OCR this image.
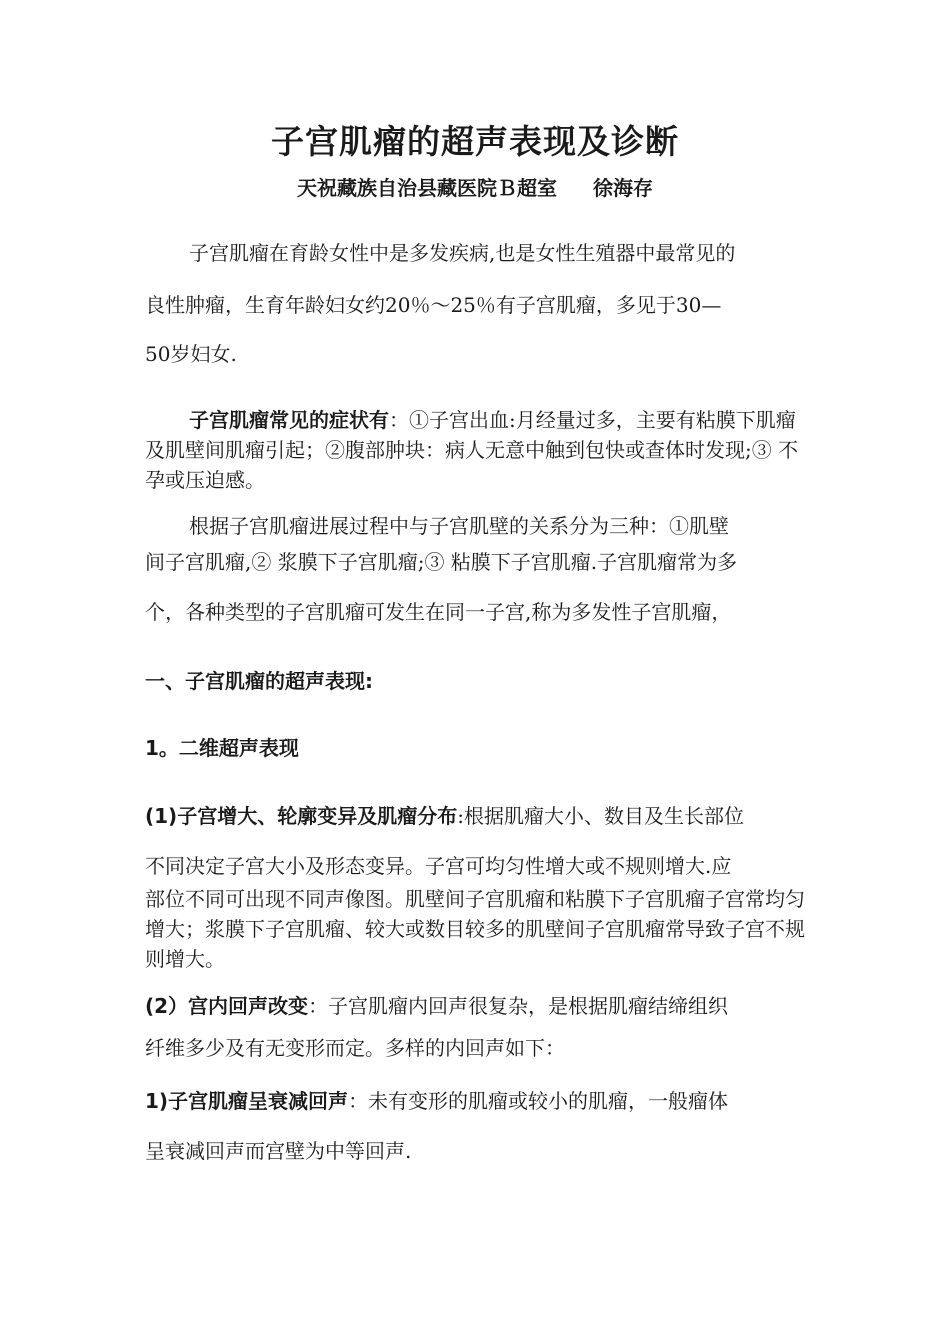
子宫肌瘤的超声表现及诊断

天祝藏族自治县藏医院Ｂ超室 徐海存

子宫肌瘤在育龄女性中是多发疾病,也是女性生殖器中最常见的

良性肿瘤，生育年龄妇女约20％～25％有子宫肌瘤，多见于30—

50岁妇女.

子宫肌瘤常见的症状有：①子宫出血:月经量过多，主要有粘膜下肌瘤及肌壁间肌瘤引起；②腹部肿块：病人无意中触到包快或查体时发现;③ 不孕或压迫感。

根据子宫肌瘤进展过程中与子宫肌壁的关系分为三种：①肌壁

间子宫肌瘤,② 浆膜下子宫肌瘤;③ 粘膜下子宫肌瘤.子宫肌瘤常为多

个，各种类型的子宫肌瘤可发生在同一子宫,称为多发性子宫肌瘤，

一、子宫肌瘤的超声表现:

1。二维超声表现

(1)子宫增大、轮廓变异及肌瘤分布:根据肌瘤大小、数目及生长部位

不同决定子宫大小及形态变异。子宫可均匀性增大或不规则增大.应

部位不同可出现不同声像图。肌壁间子宫肌瘤和粘膜下子宫肌瘤子宫常均匀增大；浆膜下子宫肌瘤、较大或数目较多的肌壁间子宫肌瘤常导致子宫不规则增大。

(2）宫内回声改变：子宫肌瘤内回声很复杂，是根据肌瘤结缔组织

纤维多少及有无变形而定。多样的内回声如下：

1)子宫肌瘤呈衰减回声：未有变形的肌瘤或较小的肌瘤，一般瘤体

呈衰减回声而宫壁为中等回声.
